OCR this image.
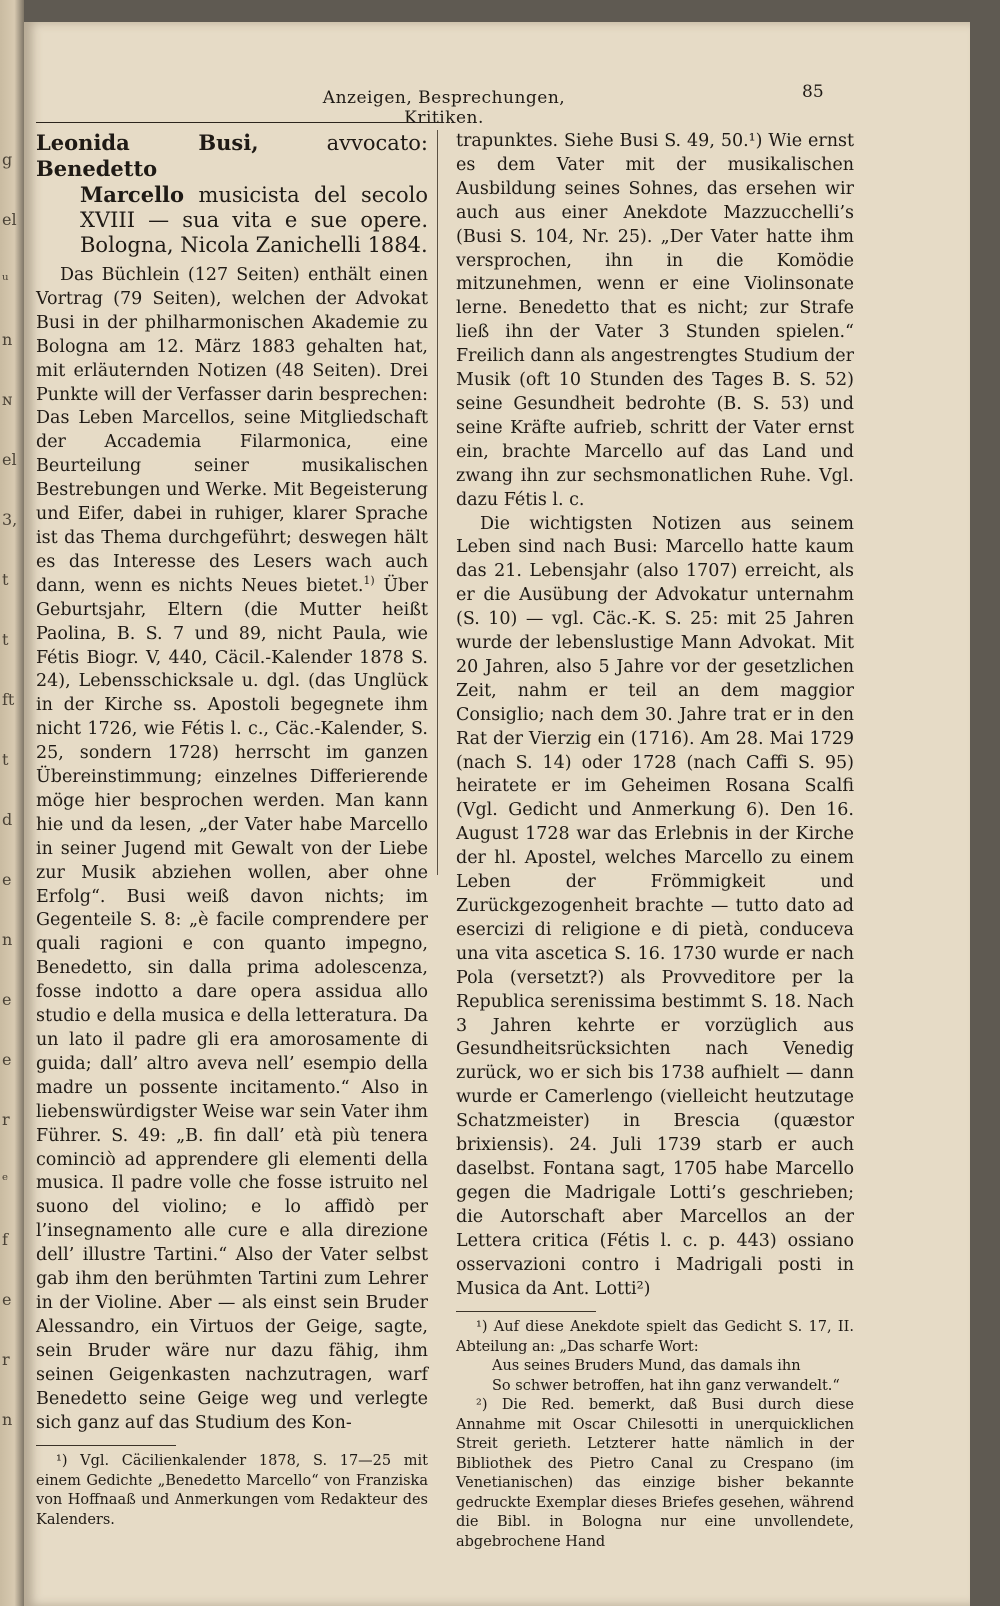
g
el
ᵘ
n
ɴ
el
3,
t
t
ft
t
d
e
n
e
e
r
ᵉ
f
e
r
n
Anzeigen, Besprechungen, Kritiken.
85
Leonida Busi,	avvocato: Benedetto
Marcello musicista del secolo XVIII — sua vita e sue opere. Bologna, Nicola Zanichelli 1884.

Das Büchlein (127 Seiten) enthält einen Vortrag (79 Seiten), welchen der Advokat Busi in der philharmonischen Akademie zu Bologna am 12. März 1883 gehalten hat, mit erläuternden Notizen (48 Seiten). Drei Punkte will der Verfasser darin besprechen: Das Leben Marcellos, seine Mitgliedschaft der Accademia Filarmonica, eine Beurteilung seiner musikalischen Bestrebungen und Werke. Mit Begeisterung und Eifer, dabei in ruhiger, klarer Sprache ist das Thema durchgeführt; deswegen hält es das Interesse des Lesers wach auch dann, wenn es nichts Neues bietet.$^{1)}$ Über Geburtsjahr, Eltern (die Mutter heißt Paolina, B. S. 7 und 89, nicht Paula, wie Fétis Biogr. V, 440, Cäcil.-Kalender 1878 S. 24), Lebensschicksale u. dgl. (das Unglück in der Kirche ss. Apostoli begegnete ihm nicht 1726, wie Fétis l. c., Cäc.-Kalender, S. 25, sondern 1728) herrscht im ganzen Übereinstimmung; einzelnes Differierende möge hier besprochen werden. Man kann hie und da lesen, „der Vater habe Marcello in seiner Jugend mit Gewalt von der Liebe zur Musik abziehen wollen, aber ohne Erfolg“. Busi weiß davon nichts; im Gegenteile S. 8: „è facile comprendere per quali ragioni e con quanto impegno, Benedetto, sin dalla prima adolescenza, fosse indotto a dare opera assidua allo studio e della musica e della letteratura. Da un lato il padre gli era amorosamente di guida; dall’ altro aveva nell’ esempio della madre un possente incitamento.“ Also in liebenswürdigster Weise war sein Vater ihm Führer. S. 49: „B. fin dall’ età più tenera cominciò ad apprendere gli elementi della musica. Il padre volle che fosse istruito nel suono del violino; e lo affidò per l’insegnamento alle cure e alla direzione dell’ illustre Tartini.“ Also der Vater selbst gab ihm den berühmten Tartini zum Lehrer in der Violine. Aber — als einst sein Bruder Alessandro, ein Virtuos der Geige, sagte, sein Bruder wäre nur dazu fähig, ihm seinen Geigenkasten nachzutragen, warf Benedetto seine Geige weg und verlegte sich ganz auf das Studium des Kon-

¹) Vgl. Cäcilienkalender 1878, S. 17—25 mit einem Gedichte „Benedetto Marcello“ von Franziska von Hoffnaaß und Anmerkungen vom Redakteur des Kalenders.

trapunktes. Siehe Busi S. 49, 50.¹) Wie ernst es dem Vater mit der musikalischen Ausbildung seines Sohnes, das ersehen wir auch aus einer Anekdote Mazzucchelli’s (Busi S. 104, Nr. 25). „Der Vater hatte ihm versprochen, ihn in die Komödie mitzunehmen, wenn er eine Violinsonate lerne. Benedetto that es nicht; zur Strafe ließ ihn der Vater 3 Stunden spielen.“ Freilich dann als angestrengtes Studium der Musik (oft 10 Stunden des Tages B. S. 52) seine Gesundheit bedrohte (B. S. 53) und seine Kräfte aufrieb, schritt der Vater ernst ein, brachte Marcello auf das Land und zwang ihn zur sechsmonatlichen Ruhe. Vgl. dazu Fétis l. c.

Die wichtigsten Notizen aus seinem Leben sind nach Busi: Marcello hatte kaum das 21. Lebensjahr (also 1707) erreicht, als er die Ausübung der Advokatur unternahm (S. 10) — vgl. Cäc.-K. S. 25: mit 25 Jahren wurde der lebenslustige Mann Advokat. Mit 20 Jahren, also 5 Jahre vor der gesetzlichen Zeit, nahm er teil an dem maggior Consiglio; nach dem 30. Jahre trat er in den Rat der Vierzig ein (1716). Am 28. Mai 1729 (nach S. 14) oder 1728 (nach Caffi S. 95) heiratete er im Geheimen Rosana Scalfi (Vgl. Gedicht und Anmerkung 6). Den 16. August 1728 war das Erlebnis in der Kirche der hl. Apostel, welches Marcello zu einem Leben der Frömmigkeit und Zurückgezogenheit brachte — tutto dato ad esercizi di religione e di pietà, conduceva una vita ascetica S. 16. 1730 wurde er nach Pola (versetzt?) als Provveditore per la Republica serenissima bestimmt S. 18. Nach 3 Jahren kehrte er vorzüglich aus Gesundheitsrücksichten nach Venedig zurück, wo er sich bis 1738 aufhielt — dann wurde er Camerlengo (vielleicht heutzutage Schatzmeister) in Brescia (quæstor brixiensis). 24. Juli 1739 starb er auch daselbst. Fontana sagt, 1705 habe Marcello gegen die Madrigale Lotti’s geschrieben; die Autorschaft aber Marcellos an der Lettera critica (Fétis l. c. p. 443) ossiano osservazioni contro i Madrigali posti in Musica da Ant. Lotti²)

¹) Auf diese Anekdote spielt das Gedicht S. 17, II. Abteilung an: „Das scharfe Wort:
Aus seines Bruders Mund, das damals ihn
So schwer betroffen, hat ihn ganz verwandelt.“

²) Die Red. bemerkt, daß Busi durch diese Annahme mit Oscar Chilesotti in unerquicklichen Streit gerieth. Letzterer hatte nämlich in der Bibliothek des Pietro Canal zu Crespano (im Venetianischen) das einzige bisher bekannte gedruckte Exemplar dieses Briefes gesehen, während die Bibl. in Bologna nur eine unvollendete, abgebrochene Hand
